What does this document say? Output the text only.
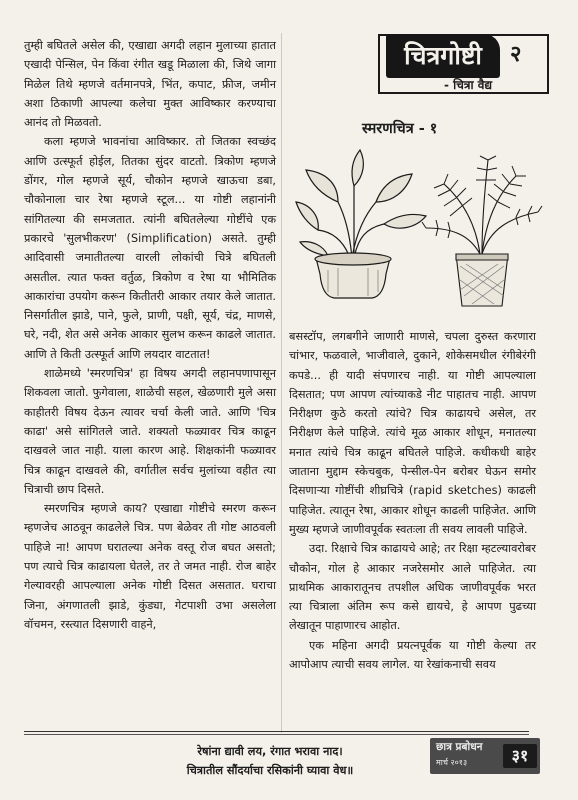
तुम्ही बघितले असेल की, एखाद्या अगदी लहान मुलाच्या हातात एखादी पेन्सिल, पेन किंवा रंगीत खडू मिळाला की, जिथे जागा मिळेल तिथे म्हणजे वर्तमानपत्रे, भिंत, कपाट, फ्रीज, जमीन अशा ठिकाणी आपल्या कलेचा मुक्त आविष्कार करण्याचा आनंद तो मिळवतो.

कला म्हणजे भावनांचा आविष्कार. तो जितका स्वच्छंद आणि उत्स्फूर्त होईल, तितका सुंदर वाटतो. त्रिकोण म्हणजे डोंगर, गोल म्हणजे सूर्य, चौकोन म्हणजे खाऊचा डबा, चौकोनाला चार रेषा म्हणजे स्टूल... या गोष्टी लहानांनी सांगितल्या की समजतात. त्यांनी बघितलेल्या गोष्टींचे एक प्रकारचे 'सुलभीकरण' (Simplification) असते. तुम्ही आदिवासी जमातीतल्या वारली लोकांची चित्रे बघितली असतील. त्यात फक्त वर्तुळ, त्रिकोण व रेषा या भौमितिक आकारांचा उपयोग करून कितीतरी आकार तयार केले जातात. निसर्गातील झाडे, पाने, फुले, प्राणी, पक्षी, सूर्य, चंद्र, माणसे, घरे, नदी, शेत असे अनेक आकार सुलभ करून काढले जातात. आणि ते किती उत्स्फूर्त आणि लयदार वाटतात!

शाळेमध्ये 'स्मरणचित्र' हा विषय अगदी लहानपणापासून शिकवला जातो. फुगेवाला, शाळेची सहल, खेळणारी मुले असा काहीतरी विषय देऊन त्यावर चर्चा केली जाते. आणि 'चित्र काढा' असे सांगितले जाते. शक्यतो फळ्यावर चित्र काढून दाखवले जात नाही. याला कारण आहे. शिक्षकांनी फळ्यावर चित्र काढून दाखवले की, वर्गातील सर्वच मुलांच्या वहीत त्या चित्राची छाप दिसते.

स्मरणचित्र म्हणजे काय? एखाद्या गोष्टीचे स्मरण करून म्हणजेच आठवून काढलेले चित्र. पण बेळेवर ती गोष्ट आठवली पाहिजे ना! आपण घरातल्या अनेक वस्तू रोज बघत असतो; पण त्याचे चित्र काढायला घेतले, तर ते जमत नाही. रोज बाहेर गेल्यावरही आपल्याला अनेक गोष्टी दिसत असतात. घराचा जिना, अंगणातली झाडे, कुंड्या, गेटपाशी उभा असलेला वॉचमन, रस्त्यात दिसणारी वाहने,

चित्रगोष्टी	२
- चित्रा वैद्य
स्मरणचित्र - १

बसस्टॉप, लगबगीने जाणारी माणसे, चपला दुरुस्त करणारा चांभार, फळवाले, भाजीवाले, दुकाने, शोकेसमधील रंगीबेरंगी कपडे... ही यादी संपणारच नाही. या गोष्टी आपल्याला दिसतात; पण आपण त्यांच्याकडे नीट पाहातच नाही. आपण निरीक्षण कुठे करतो त्यांचे? चित्र काढायचे असेल, तर निरीक्षण केले पाहिजे. त्यांचे मूळ आकार शोधून, मनातल्या मनात त्यांचे चित्र काढून बघितले पाहिजे. कधीकधी बाहेर जाताना मुद्दाम स्केचबुक, पेन्सील-पेन बरोबर घेऊन समोर दिसणाऱ्या गोष्टींची शीघ्रचित्रे (rapid sketches) काढली पाहिजेत. त्यातून रेषा, आकार शोधून काढली पाहिजेत. आणि मुख्य म्हणजे जाणीवपूर्वक स्वतःला ती सवय लावली पाहिजे.

उदा. रिक्षाचे चित्र काढायचे आहे; तर रिक्षा म्हटल्यावरोबर चौकोन, गोल हे आकार नजरेसमोर आले पाहिजेत. त्या प्राथमिक आकारातूनच तपशील अधिक जाणीवपूर्वक भरत त्या चित्राला अंतिम रूप कसे द्यायचे, हे आपण पुढच्या लेखातून पाहाणारच आहोत.

एक महिना अगदी प्रयत्नपूर्वक या गोष्टी केल्या तर आपोआप त्याची सवय लागेल. या रेखांकनाची सवय

रेषांना द्यावी लय, रंगात भरावा नाद।
चित्रातील सौंदर्याचा रसिकांनी घ्यावा वेध॥
छात्र प्रबोधन
मार्च २०१३	३१
